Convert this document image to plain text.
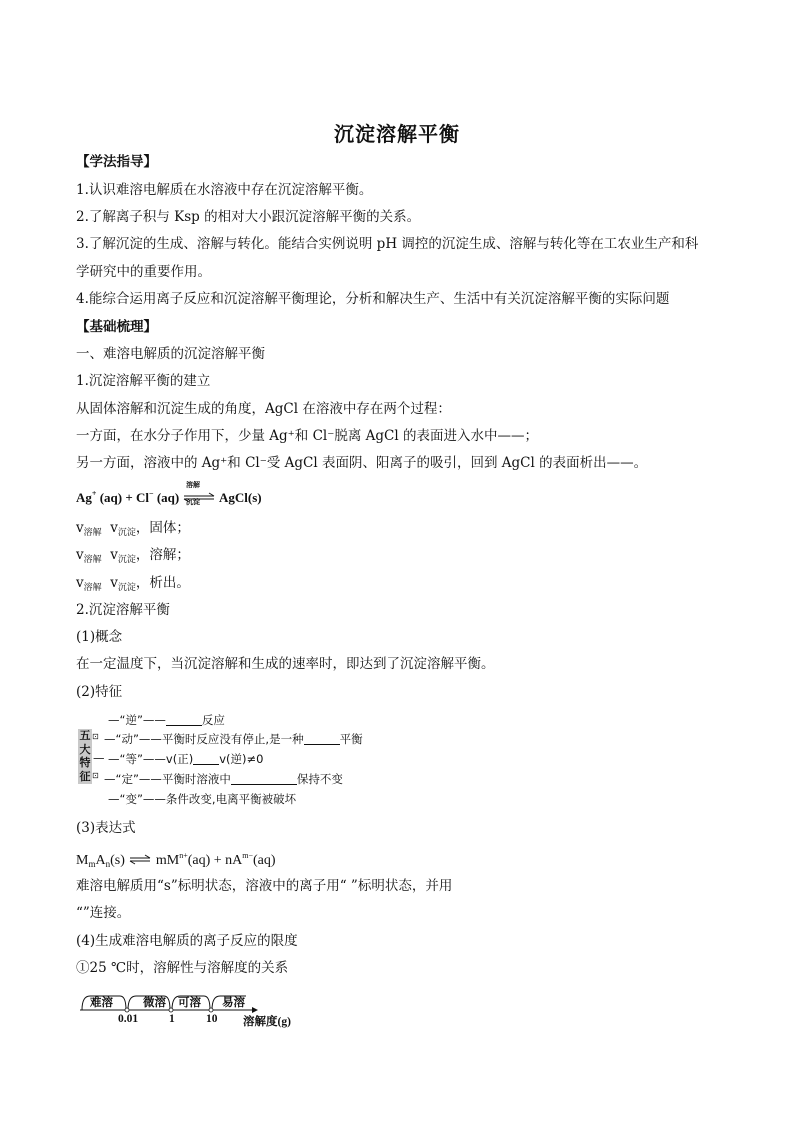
沉淀溶解平衡
【学法指导】
1.认识难溶电解质在水溶液中存在沉淀溶解平衡。
2.了解离子积与 Ksp 的相对大小跟沉淀溶解平衡的关系。
3.了解沉淀的生成、溶解与转化。能结合实例说明 pH 调控的沉淀生成、溶解与转化等在工农业生产和科
学研究中的重要作用。
4.能综合运用离子反应和沉淀溶解平衡理论，分析和解决生产、生活中有关沉淀溶解平衡的实际问题
【基础梳理】
一、难溶电解质的沉淀溶解平衡
1.沉淀溶解平衡的建立
从固体溶解和沉淀生成的角度，AgCl 在溶液中存在两个过程：
一方面，在水分子作用下，少量 Ag⁺和 Cl⁻脱离 AgCl 的表面进入水中——；
另一方面，溶液中的 Ag⁺和 Cl⁻受 AgCl 表面阴、阳离子的吸引，回到 AgCl 的表面析出——。
Ag+ (aq) + Cl− (aq) ⇌ AgCl(s)
溶解
沉淀
$v_{溶解}$ $v_{沉淀}$，固体；
$v_{溶解}$ $v_{沉淀}$，溶解；
$v_{溶解}$ $v_{沉淀}$，析出。
2.沉淀溶解平衡
(1)概念
在一定温度下，当沉淀溶解和生成的速率时，即达到了沉淀溶解平衡。
(2)特征
五
大
特
征
—
⊡
⊡
—“逆”——	反应
—“动”——平衡时反应没有停止,是一种	平衡
—“等”——v(正) v(逆)≠0
—“定”——平衡时溶液中	保持不变
—“变”——条件改变,电离平衡被破坏
(3)表达式
$M_mA_n(s)$ ⇌ $mM^{n+}(aq) + nA^{m-}(aq)$
难溶电解质用“s”标明状态，溶液中的离子用“ ”标明状态，并用
“”连接。
(4)生成难溶电解质的离子反应的限度
①25 ℃时，溶解性与溶解度的关系
难溶	微溶 可溶 易溶
0.01	1	10 溶解度(g)
